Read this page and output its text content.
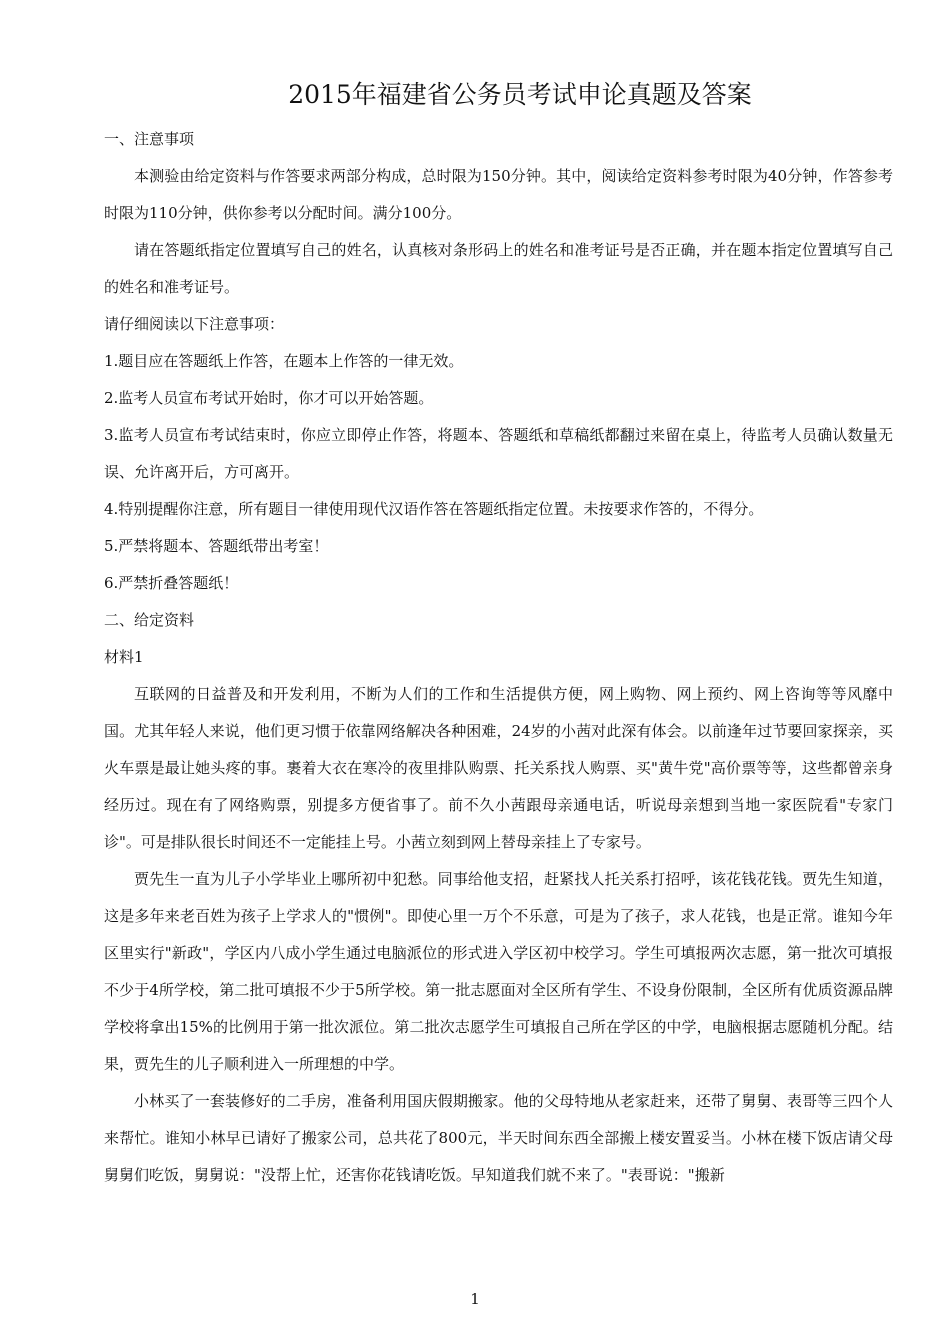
2015年福建省公务员考试申论真题及答案

一、注意事项

本测验由给定资料与作答要求两部分构成，总时限为150分钟。其中，阅读给定资料参考时限为40分钟，作答参考时限为110分钟，供你参考以分配时间。满分100分。

请在答题纸指定位置填写自己的姓名，认真核对条形码上的姓名和准考证号是否正确，并在题本指定位置填写自己的姓名和准考证号。

请仔细阅读以下注意事项：

1.题目应在答题纸上作答，在题本上作答的一律无效。

2.监考人员宣布考试开始时，你才可以开始答题。

3.监考人员宣布考试结束时，你应立即停止作答，将题本、答题纸和草稿纸都翻过来留在桌上，待监考人员确认数量无误、允许离开后，方可离开。

4.特别提醒你注意，所有题目一律使用现代汉语作答在答题纸指定位置。未按要求作答的，不得分。

5.严禁将题本、答题纸带出考室！

6.严禁折叠答题纸！

二、给定资料

材料1

互联网的日益普及和开发利用，不断为人们的工作和生活提供方便，网上购物、网上预约、网上咨询等等风靡中国。尤其年轻人来说，他们更习惯于依靠网络解决各种困难，24岁的小茜对此深有体会。以前逢年过节要回家探亲，买火车票是最让她头疼的事。裹着大衣在寒冷的夜里排队购票、托关系找人购票、买"黄牛党"高价票等等，这些都曾亲身经历过。现在有了网络购票，别提多方便省事了。前不久小茜跟母亲通电话，听说母亲想到当地一家医院看"专家门诊"。可是排队很长时间还不一定能挂上号。小茜立刻到网上替母亲挂上了专家号。

贾先生一直为儿子小学毕业上哪所初中犯愁。同事给他支招，赶紧找人托关系打招呼，该花钱花钱。贾先生知道，这是多年来老百姓为孩子上学求人的"惯例"。即使心里一万个不乐意，可是为了孩子，求人花钱，也是正常。谁知今年区里实行"新政"，学区内八成小学生通过电脑派位的形式进入学区初中校学习。学生可填报两次志愿，第一批次可填报不少于4所学校，第二批可填报不少于5所学校。第一批志愿面对全区所有学生、不设身份限制，全区所有优质资源品牌学校将拿出15%的比例用于第一批次派位。第二批次志愿学生可填报自己所在学区的中学，电脑根据志愿随机分配。结果，贾先生的儿子顺利进入一所理想的中学。

小林买了一套装修好的二手房，准备利用国庆假期搬家。他的父母特地从老家赶来，还带了舅舅、表哥等三四个人来帮忙。谁知小林早已请好了搬家公司，总共花了800元，半天时间东西全部搬上楼安置妥当。小林在楼下饭店请父母舅舅们吃饭，舅舅说："没帮上忙，还害你花钱请吃饭。早知道我们就不来了。"表哥说："搬新

1
